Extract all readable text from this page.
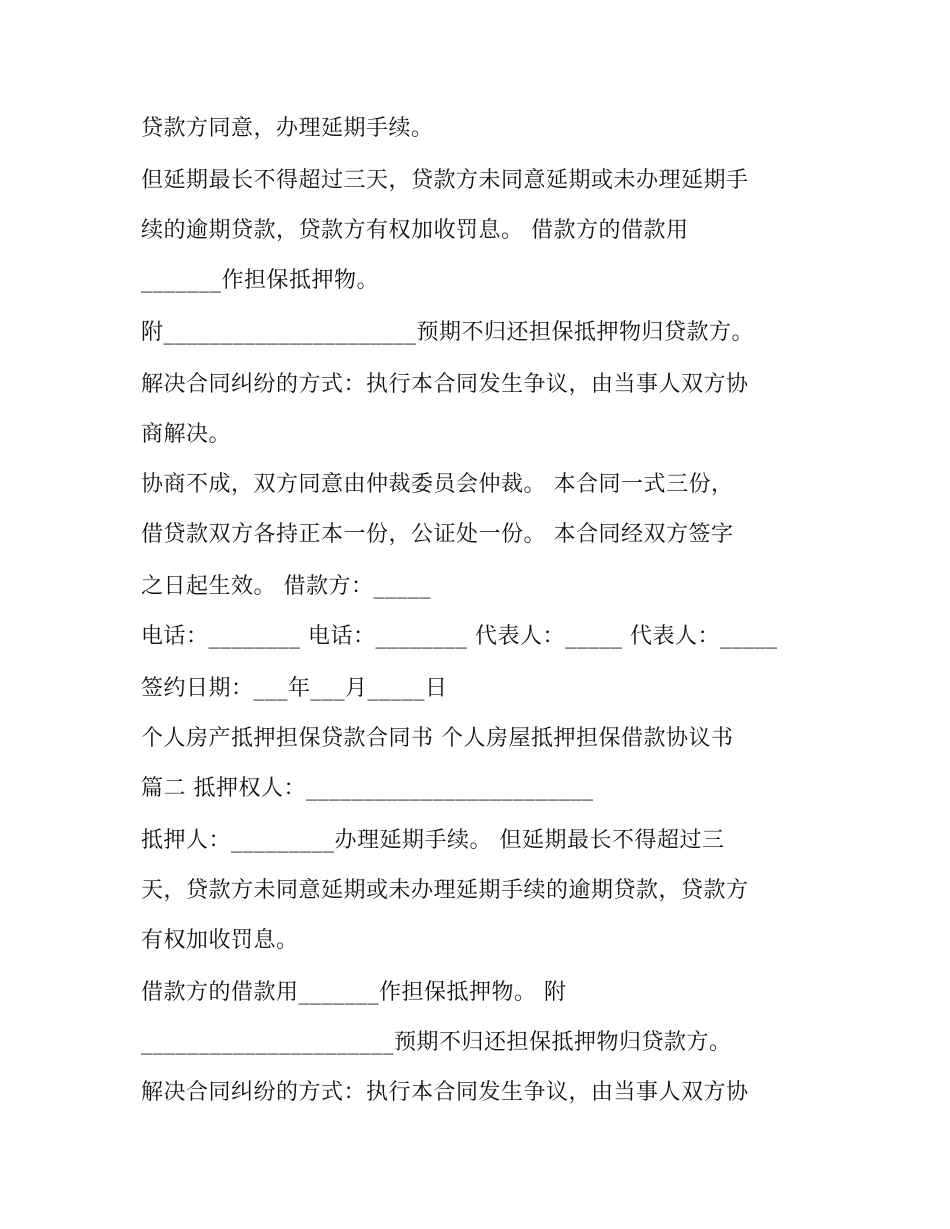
贷款方同意，办理延期手续。
但延期最长不得超过三天，贷款方未同意延期或未办理延期手
续的逾期贷款，贷款方有权加收罚息。 借款方的借款用
_______作担保抵押物。
附______________________预期不归还担保抵押物归贷款方。
解决合同纠纷的方式：执行本合同发生争议，由当事人双方协
商解决。
协商不成，双方同意由仲裁委员会仲裁。 本合同一式三份，
借贷款双方各持正本一份，公证处一份。 本合同经双方签字
之日起生效。 借款方：_____
电话：________ 电话：________ 代表人：_____ 代表人：_____
签约日期：___年___月_____日
个人房产抵押担保贷款合同书 个人房屋抵押担保借款协议书
篇二 抵押权人：_________________________
抵押人：_________办理延期手续。 但延期最长不得超过三
天，贷款方未同意延期或未办理延期手续的逾期贷款，贷款方
有权加收罚息。
借款方的借款用_______作担保抵押物。 附
______________________预期不归还担保抵押物归贷款方。
解决合同纠纷的方式：执行本合同发生争议，由当事人双方协
